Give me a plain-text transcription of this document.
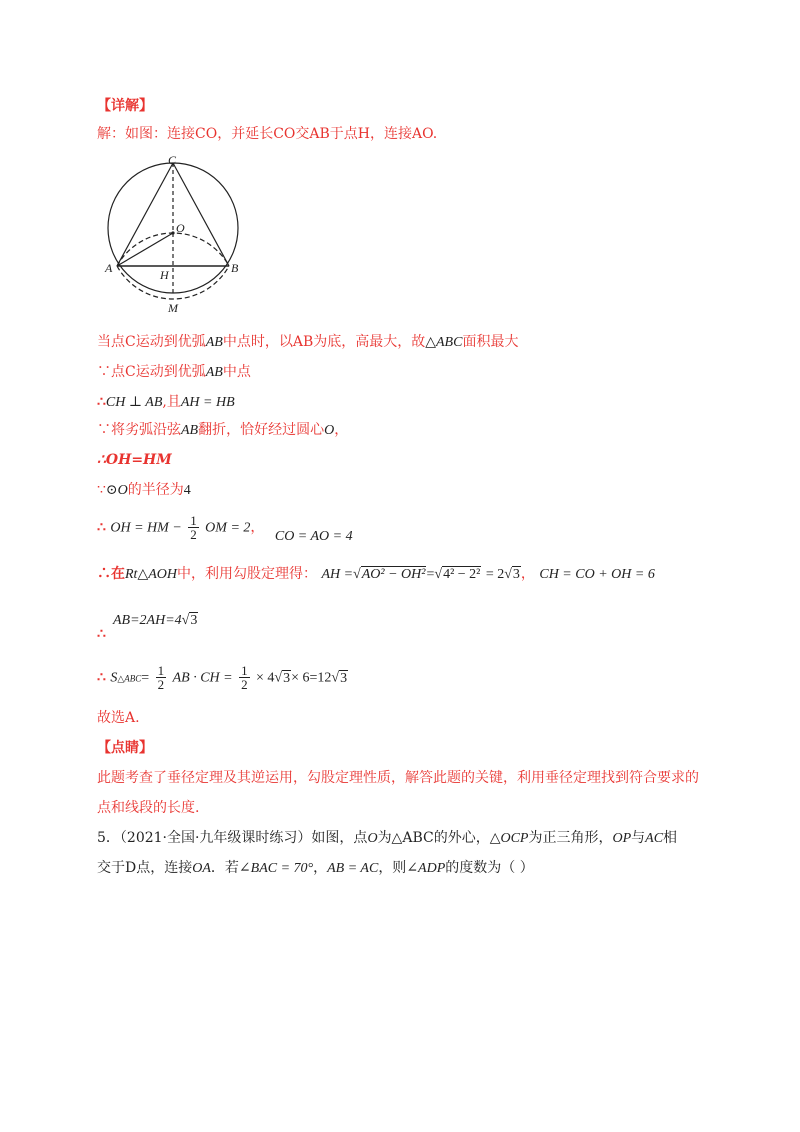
【详解】
解：如图：连接CO，并延长CO交AB于点H，连接AO.
C
O
A	H	B
M
当点C运动到优弧AB中点时，以AB为底，高最大，故△ABC面积最大
∵点C运动到优弧AB中点
∴CH ⊥ AB,且AH = HB
∵将劣弧沿弦AB翻折，恰好经过圆心O，
∴OH=HM
∵⊙O的半径为4
∴ OH = HM − $\frac{1}{2}$ OM = 2， CO = AO = 4
∴在Rt△AOH中，利用勾股定理得： AH =√AO² − OH²=√4² − 2² = 2√3， CH = CO + OH = 6
AB=2AH=4√3
∴
∴ S△ABC= $\frac{1}{2}$ AB · CH = $\frac{1}{2} \times 4√3\times 6=12√3$
故选A.
【点睛】
此题考查了垂径定理及其逆运用，勾股定理性质，解答此题的关键，利用垂径定理找到符合要求的
点和线段的长度.
5．（2021·全国·九年级课时练习）如图，点O为△ABC的外心，△OCP为正三角形，OP与AC相
交于D点，连接OA．若∠BAC = 70°，AB = AC，则∠ADP的度数为（ ）
